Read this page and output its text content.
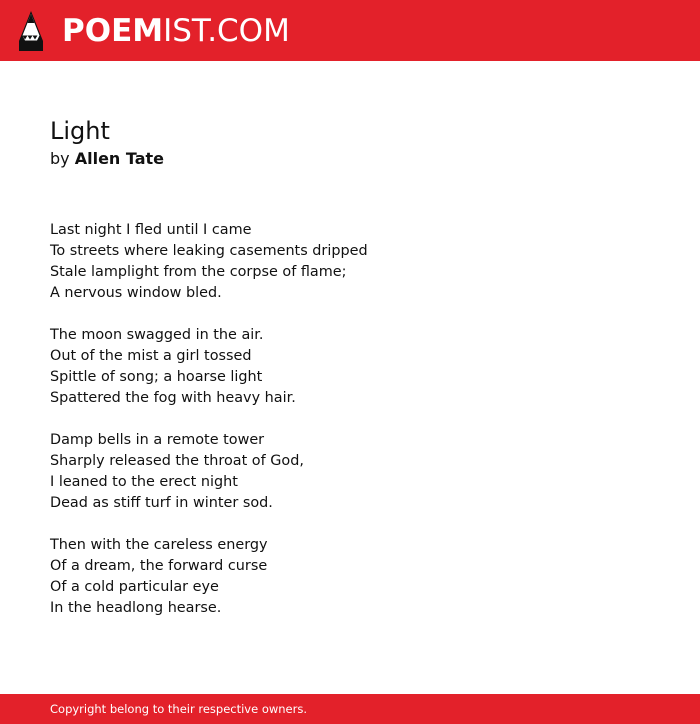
POEMIST.COM
Light

by Allen Tate

Last night I fled until I came
To streets where leaking casements dripped
Stale lamplight from the corpse of flame;
A nervous window bled.
The moon swagged in the air.
Out of the mist a girl tossed
Spittle of song; a hoarse light
Spattered the fog with heavy hair.
Damp bells in a remote tower
Sharply released the throat of God,
I leaned to the erect night
Dead as stiff turf in winter sod.
Then with the careless energy
Of a dream, the forward curse
Of a cold particular eye
In the headlong hearse.
Copyright belong to their respective owners.
